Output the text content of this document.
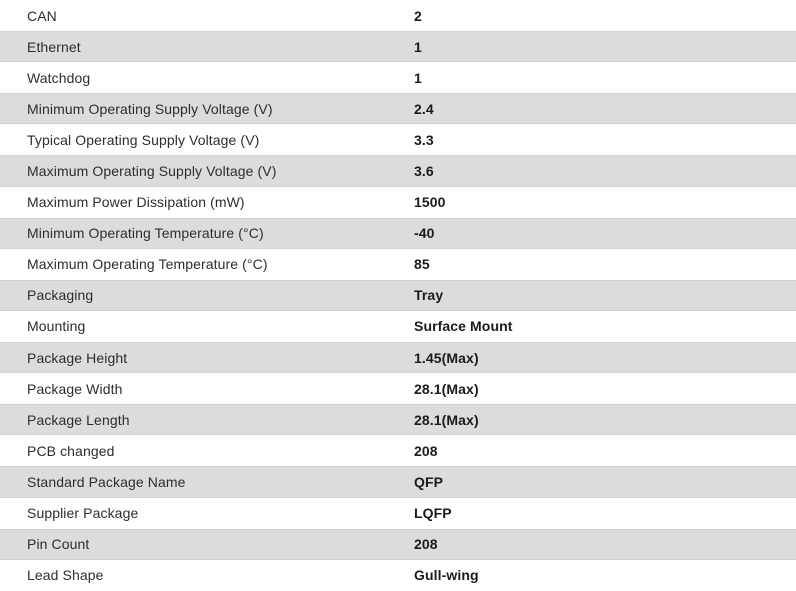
CAN	2
Ethernet	1
Watchdog	1
Minimum Operating Supply Voltage (V)	2.4
Typical Operating Supply Voltage (V)	3.3
Maximum Operating Supply Voltage (V)	3.6
Maximum Power Dissipation (mW)	1500
Minimum Operating Temperature (°C)	-40
Maximum Operating Temperature (°C)	85
Packaging	Tray
Mounting	Surface Mount
Package Height	1.45(Max)
Package Width	28.1(Max)
Package Length	28.1(Max)
PCB changed	208
Standard Package Name	QFP
Supplier Package	LQFP
Pin Count	208
Lead Shape	Gull-wing
